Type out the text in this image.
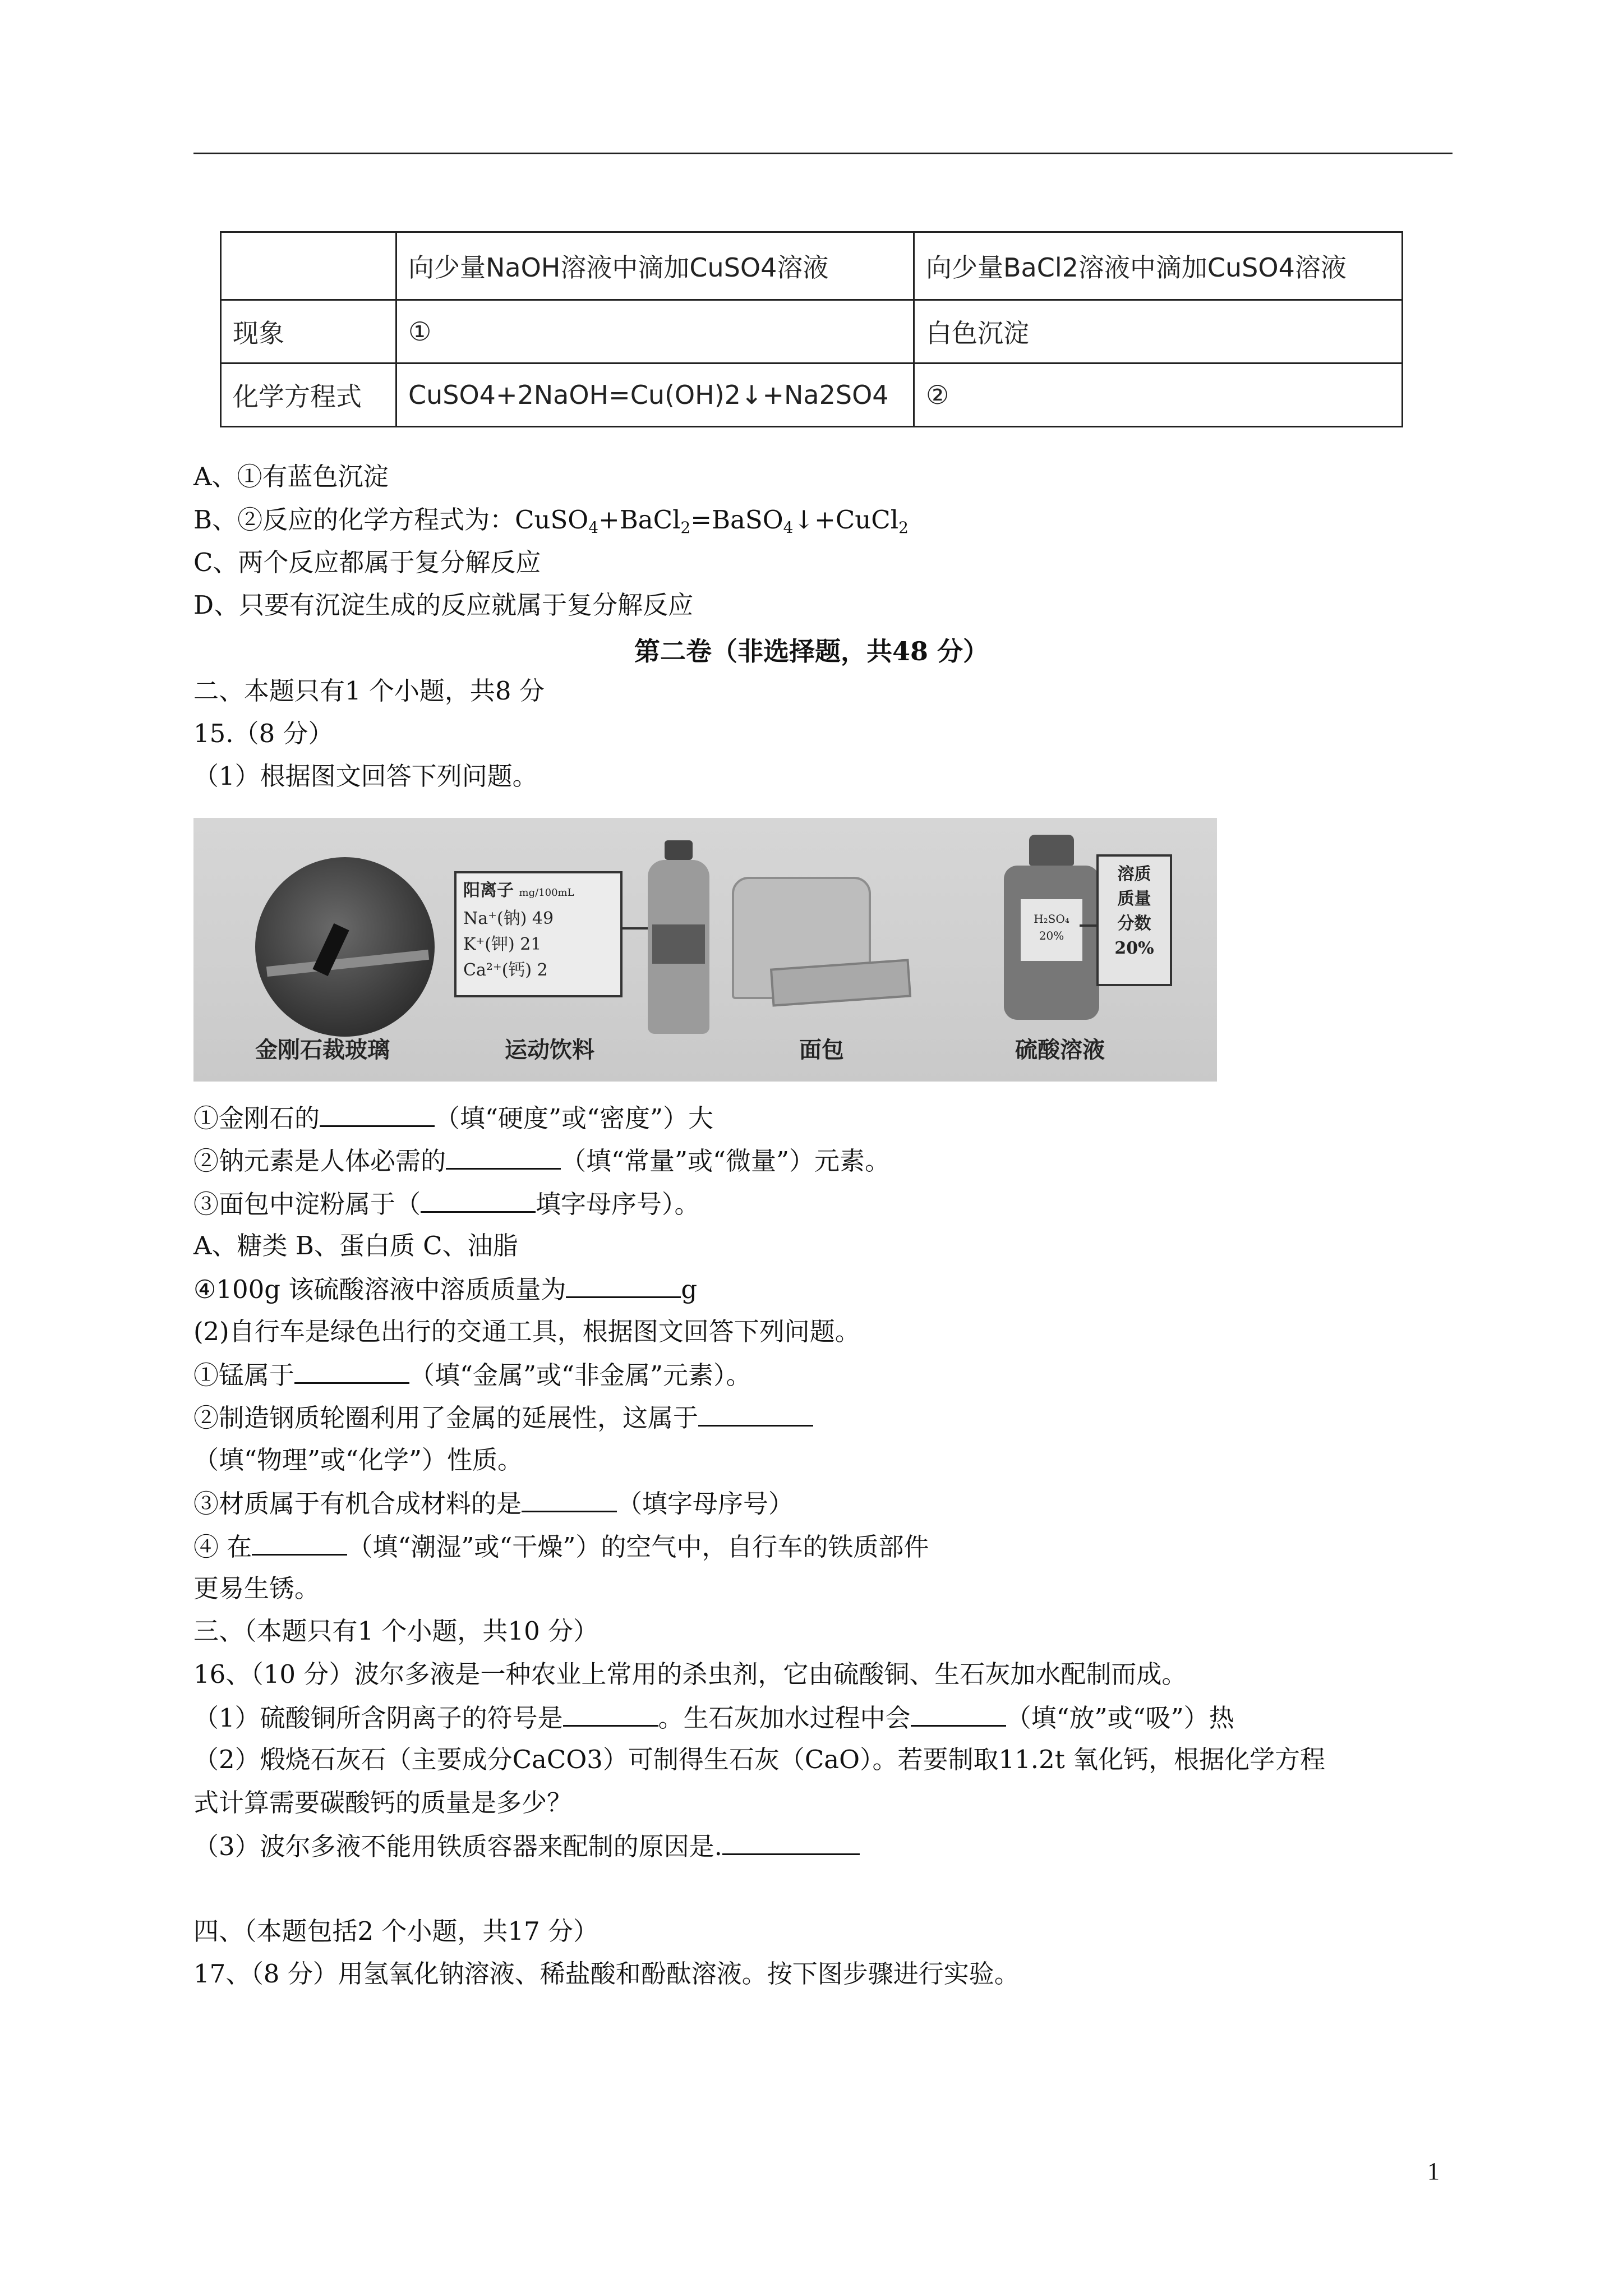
	向少量NaOH溶液中滴加CuSO4溶液	向少量BaCl2溶液中滴加CuSO4溶液
现象	①	白色沉淀
化学方程式	CuSO4+2NaOH=Cu(OH)2↓+Na2SO4	②
A、①有蓝色沉淀
B、②反应的化学方程式为：CuSO$_4$+BaCl$_2$=BaSO$_4$↓+CuCl$_2$
C、两个反应都属于复分解反应
D、只要有沉淀生成的反应就属于复分解反应
第二卷（非选择题，共48 分）
二、本题只有1 个小题，共8 分
15.（8 分）
（1）根据图文回答下列问题。
阳离子 mg/100mL
Na⁺(钠) 49
K⁺(钾) 21
Ca²⁺(钙) 2
H₂SO₄ 20%
溶质
质量
分数
20%
金刚石裁玻璃	运动饮料	面包	硫酸溶液
①金刚石的	（填“硬度”或“密度”）大
②钠元素是人体必需的	（填“常量”或“微量”）元素。
③面包中淀粉属于（	填字母序号）。
A、糖类 B、蛋白质 C、油脂
④100g 该硫酸溶液中溶质质量为	g
(2)自行车是绿色出行的交通工具，根据图文回答下列问题。
①锰属于	（填“金属”或“非金属”元素）。
②制造钢质轮圈利用了金属的延展性，这属于
（填“物理”或“化学”）性质。
③材质属于有机合成材料的是	（填字母序号）
④ 在	（填“潮湿”或“干燥”）的空气中，自行车的铁质部件
更易生锈。
三、（本题只有1 个小题，共10 分）
16、（10 分）波尔多液是一种农业上常用的杀虫剂，它由硫酸铜、生石灰加水配制而成。
（1）硫酸铜所含阴离子的符号是	。生石灰加水过程中会	（填“放”或“吸”）热
（2）煅烧石灰石（主要成分CaCO3）可制得生石灰（CaO）。若要制取11.2t 氧化钙，根据化学方程
式计算需要碳酸钙的质量是多少？
（3）波尔多液不能用铁质容器来配制的原因是.
四、（本题包括2 个小题，共17 分）
17、（8 分）用氢氧化钠溶液、稀盐酸和酚酞溶液。按下图步骤进行实验。
1
